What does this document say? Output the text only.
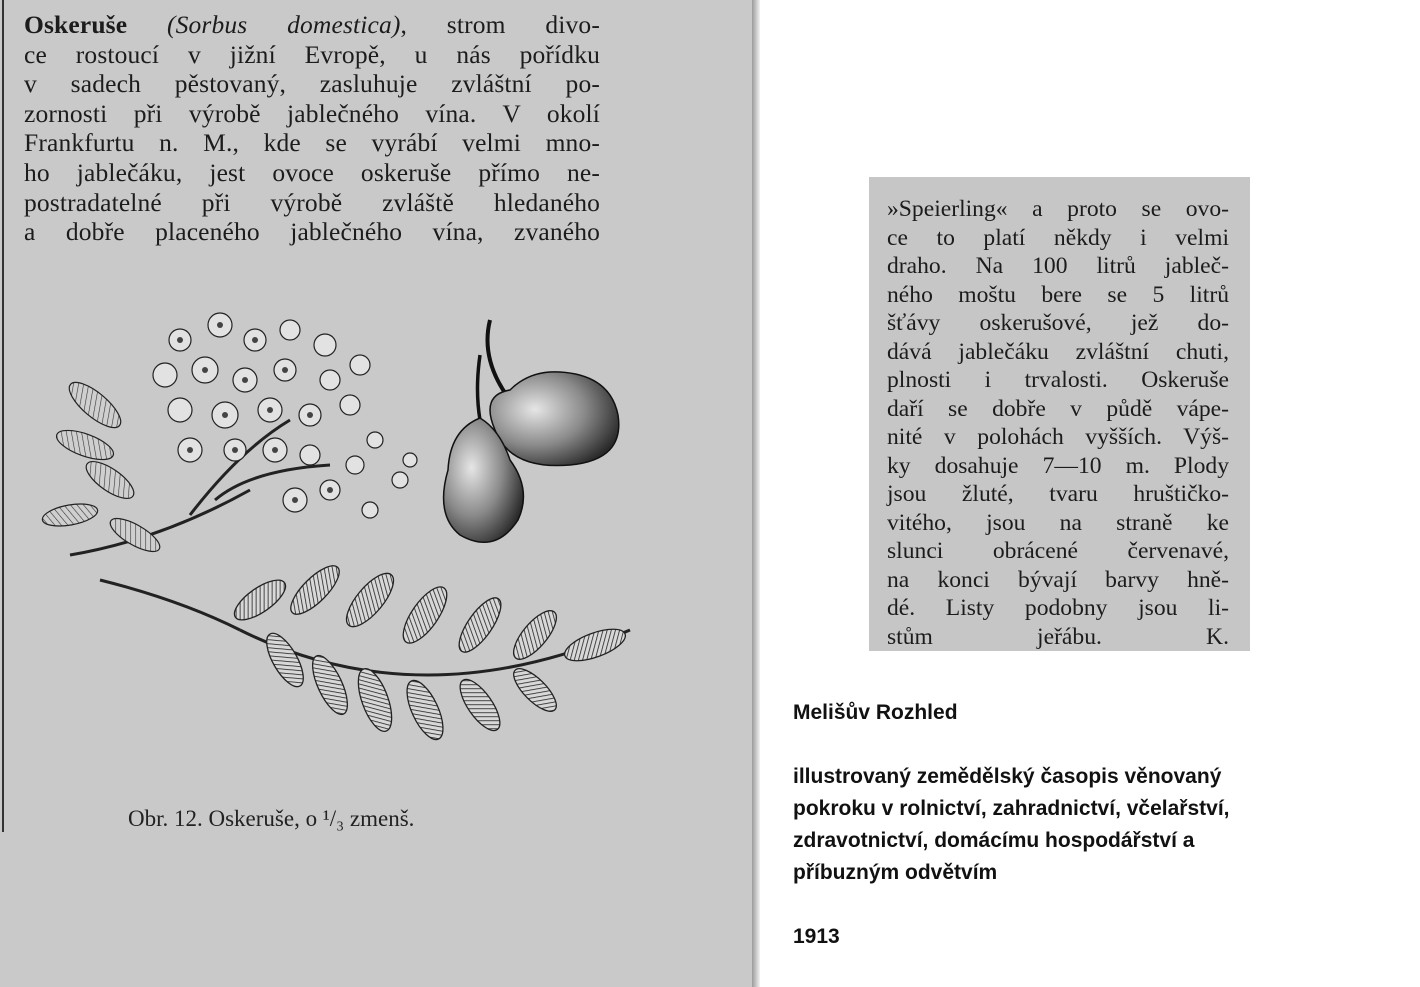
Oskeruše (Sorbus domestica), strom divo-
ce rostoucí v jižní Evropě, u nás pořídku
v sadech pěstovaný, zasluhuje zvláštní po-
zornosti při výrobě jablečného vína. V okolí
Frankfurtu n. M., kde se vyrábí velmi mno-
ho jablečáku, jest ovoce oskeruše přímo ne-
postradatelné při výrobě zvláště hledaného
a dobře placeného jablečného vína, zvaného
Obr. 12. Oskeruše, o ¹/₃ zmenš.
»Speierling« a proto se ovo-
ce to platí někdy i velmi
draho. Na 100 litrů jableč-
ného moštu bere se 5 litrů
šťávy oskerušové, jež do-
dává jablečáku zvláštní chuti,
plnosti i trvalosti. Oskeruše
daří se dobře v půdě vápe-
nité v polohách vyšších. Výš-
ky dosahuje 7—10 m. Plody
jsou žluté, tvaru hruštičko-
vitého, jsou na straně ke
slunci obrácené červenavé,
na konci bývají barvy hně-
dé. Listy podobny jsou li-
stům jeřábu. K.
Melišův Rozhled
illustrovaný zemědělský časopis věnovaný
pokroku v rolnictví, zahradnictví, včelařství,
zdravotnictví, domácímu hospodářství a
příbuzným odvětvím
1913
